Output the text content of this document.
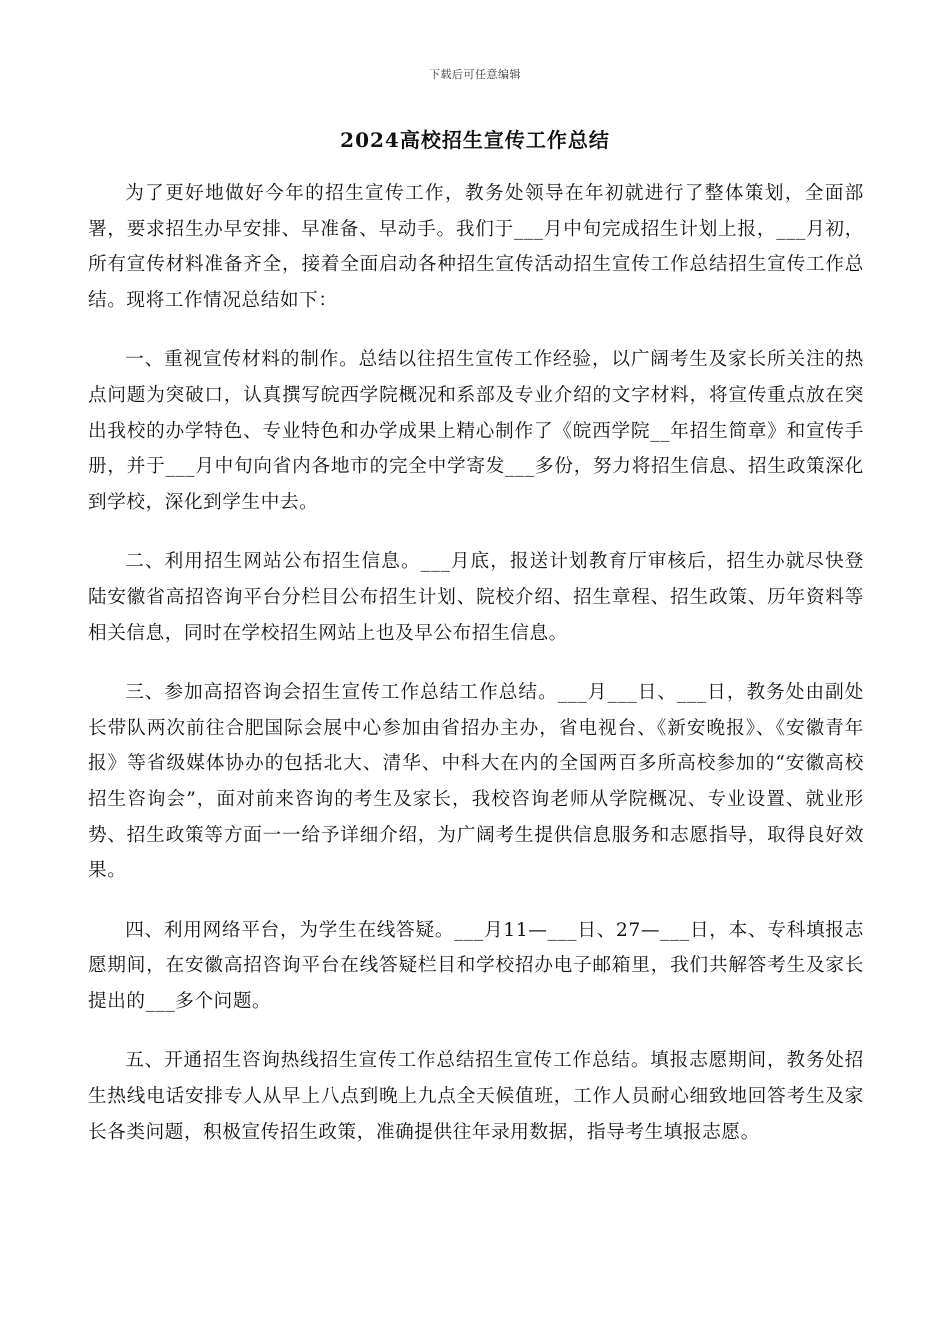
下载后可任意编辑
2024高校招生宣传工作总结

为了更好地做好今年的招生宣传工作，教务处领导在年初就进行了整体策划，全面部署，要求招生办早安排、早准备、早动手。我们于___月中旬完成招生计划上报，___月初，所有宣传材料准备齐全，接着全面启动各种招生宣传活动招生宣传工作总结招生宣传工作总结。现将工作情况总结如下：

一、重视宣传材料的制作。总结以往招生宣传工作经验，以广阔考生及家长所关注的热点问题为突破口，认真撰写皖西学院概况和系部及专业介绍的文字材料，将宣传重点放在突出我校的办学特色、专业特色和办学成果上精心制作了《皖西学院__年招生简章》和宣传手册，并于___月中旬向省内各地市的完全中学寄发___多份，努力将招生信息、招生政策深化到学校，深化到学生中去。

二、利用招生网站公布招生信息。___月底，报送计划教育厅审核后，招生办就尽快登陆安徽省高招咨询平台分栏目公布招生计划、院校介绍、招生章程、招生政策、历年资料等相关信息，同时在学校招生网站上也及早公布招生信息。

三、参加高招咨询会招生宣传工作总结工作总结。___月___日、___日，教务处由副处长带队两次前往合肥国际会展中心参加由省招办主办，省电视台、《新安晚报》、《安徽青年报》等省级媒体协办的包括北大、清华、中科大在内的全国两百多所高校参加的“安徽高校招生咨询会”，面对前来咨询的考生及家长，我校咨询老师从学院概况、专业设置、就业形势、招生政策等方面一一给予详细介绍，为广阔考生提供信息服务和志愿指导，取得良好效果。

四、利用网络平台，为学生在线答疑。___月11—___日、27—___日，本、专科填报志愿期间，在安徽高招咨询平台在线答疑栏目和学校招办电子邮箱里，我们共解答考生及家长提出的___多个问题。

五、开通招生咨询热线招生宣传工作总结招生宣传工作总结。填报志愿期间，教务处招生热线电话安排专人从早上八点到晚上九点全天候值班，工作人员耐心细致地回答考生及家长各类问题，积极宣传招生政策，准确提供往年录用数据，指导考生填报志愿。
